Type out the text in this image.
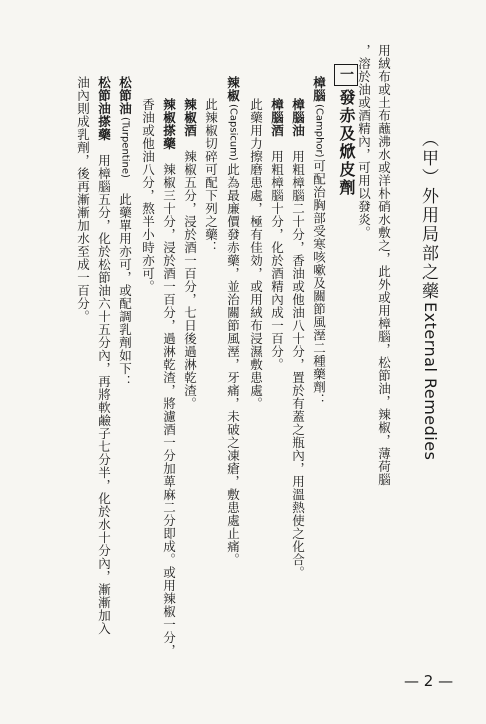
（甲）外用局部之藥
External Remedies
用絨布或土布蘸沸水或洋朴硝水敷之，此外或用樟腦，松節油，辣椒，薄荷腦
，溶於油或酒精內，可用以發炎。
一發赤及焮皮劑
樟腦(Camphor)可配治胸部受寒咳嗽及關節風溼二種藥劑：
樟腦油　用粗樟腦二十分，香油或他油八十分，置於有蓋之瓶內，用溫熱使之化合。
樟腦酒　用粗樟腦十分，化於酒精內成一百分。
此藥用力擦磨患處，極有佳効，或用絨布浸濕敷患處。
辣椒(Capsicum)此為最廉價發赤藥，並治關節風溼，牙痛，未破之凍瘡，敷患處止痛。
此辣椒切碎可配下列之藥：
辣椒酒　辣椒五分，浸於酒一百分，七日後過淋乾渣。
辣椒搽藥　辣椒三十分，浸於酒一百分，過淋乾渣，將濾酒一分加萆麻二分即成。或用辣椒一分，
香油或他油八分，熬半小時亦可。
松節油(Turpentine)　此藥單用亦可，或配調乳劑如下：
松節油搽藥　用樟腦五分，化於松節油六十五分內，再將軟鹼子七分半，化於水十分內，漸漸加入
油內則成乳劑，後再漸漸加水至成一百分。
— 2 —
